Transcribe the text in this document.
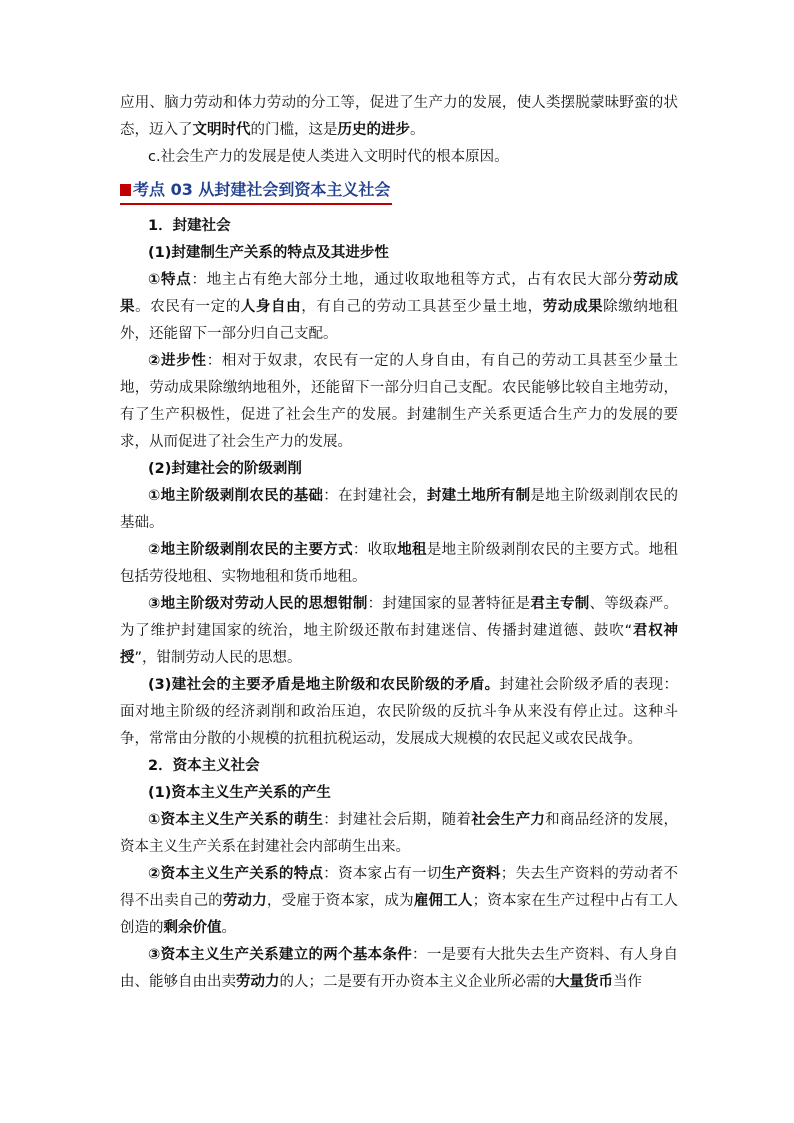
应用、脑力劳动和体力劳动的分工等，促进了生产力的发展，使人类摆脱蒙昧野蛮的状态，迈入了文明时代的门槛，这是历史的进步。

c.社会生产力的发展是使人类进入文明时代的根本原因。

考点 03 从封建社会到资本主义社会

1．封建社会

(1)封建制生产关系的特点及其进步性

①特点：地主占有绝大部分土地，通过收取地租等方式，占有农民大部分劳动成果。农民有一定的人身自由，有自己的劳动工具甚至少量土地，劳动成果除缴纳地租外，还能留下一部分归自己支配。

②进步性：相对于奴隶，农民有一定的人身自由，有自己的劳动工具甚至少量土地，劳动成果除缴纳地租外，还能留下一部分归自己支配。农民能够比较自主地劳动，有了生产积极性，促进了社会生产的发展。封建制生产关系更适合生产力的发展的要求，从而促进了社会生产力的发展。

(2)封建社会的阶级剥削

①地主阶级剥削农民的基础：在封建社会，封建土地所有制是地主阶级剥削农民的基础。

②地主阶级剥削农民的主要方式：收取地租是地主阶级剥削农民的主要方式。地租包括劳役地租、实物地租和货币地租。

③地主阶级对劳动人民的思想钳制：封建国家的显著特征是君主专制、等级森严。为了维护封建国家的统治，地主阶级还散布封建迷信、传播封建道德、鼓吹“君权神授”，钳制劳动人民的思想。

(3)建社会的主要矛盾是地主阶级和农民阶级的矛盾。封建社会阶级矛盾的表现：面对地主阶级的经济剥削和政治压迫，农民阶级的反抗斗争从来没有停止过。这种斗争，常常由分散的小规模的抗租抗税运动，发展成大规模的农民起义或农民战争。

2．资本主义社会

(1)资本主义生产关系的产生

①资本主义生产关系的萌生：封建社会后期，随着社会生产力和商品经济的发展，资本主义生产关系在封建社会内部萌生出来。

②资本主义生产关系的特点：资本家占有一切生产资料；失去生产资料的劳动者不得不出卖自己的劳动力，受雇于资本家，成为雇佣工人；资本家在生产过程中占有工人创造的剩余价值。

③资本主义生产关系建立的两个基本条件：一是要有大批失去生产资料、有人身自由、能够自由出卖劳动力的人；二是要有开办资本主义企业所必需的大量货币当作
